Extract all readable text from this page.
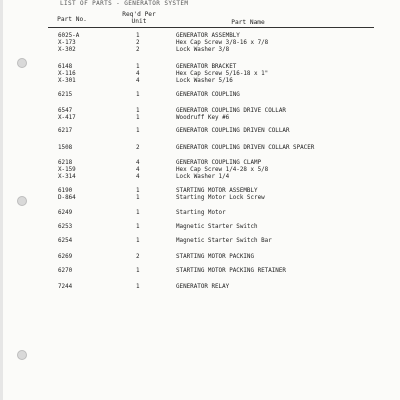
LIST OF PARTS - GENERATOR SYSTEM
Part No.
Req'd Per
Unit	Part Name
6025-A	1	GENERATOR ASSEMBLY
X-173	2	Hex Cap Screw 3/8-16 x 7/8
X-302	2	Lock Washer 3/8
6148	1	GENERATOR BRACKET
X-116	4	Hex Cap Screw 5/16-18 x 1"
X-301	4	Lock Washer 5/16
6215	1	GENERATOR COUPLING
6547	1	GENERATOR COUPLING DRIVE COLLAR
X-417	1	Woodruff Key #6
6217	1	GENERATOR COUPLING DRIVEN COLLAR
1508	2	GENERATOR COUPLING DRIVEN COLLAR SPACER
6218	4	GENERATOR COUPLING CLAMP
X-159	4	Hex Cap Screw 1/4-28 x 5/8
X-314	4	Lock Washer 1/4
6190	1	STARTING MOTOR ASSEMBLY
D-864	1	Starting Motor Lock Screw
6249	1	Starting Motor
6253	1	Magnetic Starter Switch
6254	1	Magnetic Starter Switch Bar
6269	2	STARTING MOTOR PACKING
6270	1	STARTING MOTOR PACKING RETAINER
7244	1	GENERATOR RELAY
